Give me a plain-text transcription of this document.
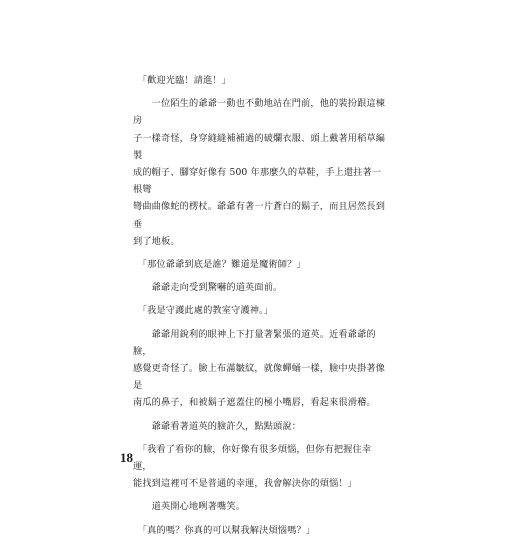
　「歡迎光臨！請進！」

　　一位陌生的爺爺一動也不動地站在門前，他的裝扮跟這棟房

子一樣奇怪，身穿縫縫補補過的破爛衣服、頭上戴著用稻草編製

成的帽子、腳穿好像有 500 年那麼久的草鞋，手上還拄著一根彎

彎曲曲像蛇的楞杖。爺爺有著一片蒼白的鬍子，而且居然長到垂

到了地板。

　「那位爺爺到底是誰？難道是魔術師？」

　　爺爺走向受到驚嚇的道英面前。

　「我是守護此處的教室守護神。」

　　爺爺用銳利的眼神上下打量著緊張的道英。近看爺爺的臉，

感覺更奇怪了。臉上布滿皺紋，就像蟬蛹一樣，臉中央掛著像是

南瓜的鼻子，和被鬍子遮蓋住的極小嘴唇，看起來很滑稽。

　　爺爺看著道英的臉許久，點點頭說：

　「我看了看你的臉，你好像有很多煩惱，但你有把握住幸運，

能找到這裡可不是普通的幸運，我會解決你的煩惱！」

　　道英開心地咧著嘴笑。

　「真的嗎？你真的可以幫我解決煩惱嗎？」

18
